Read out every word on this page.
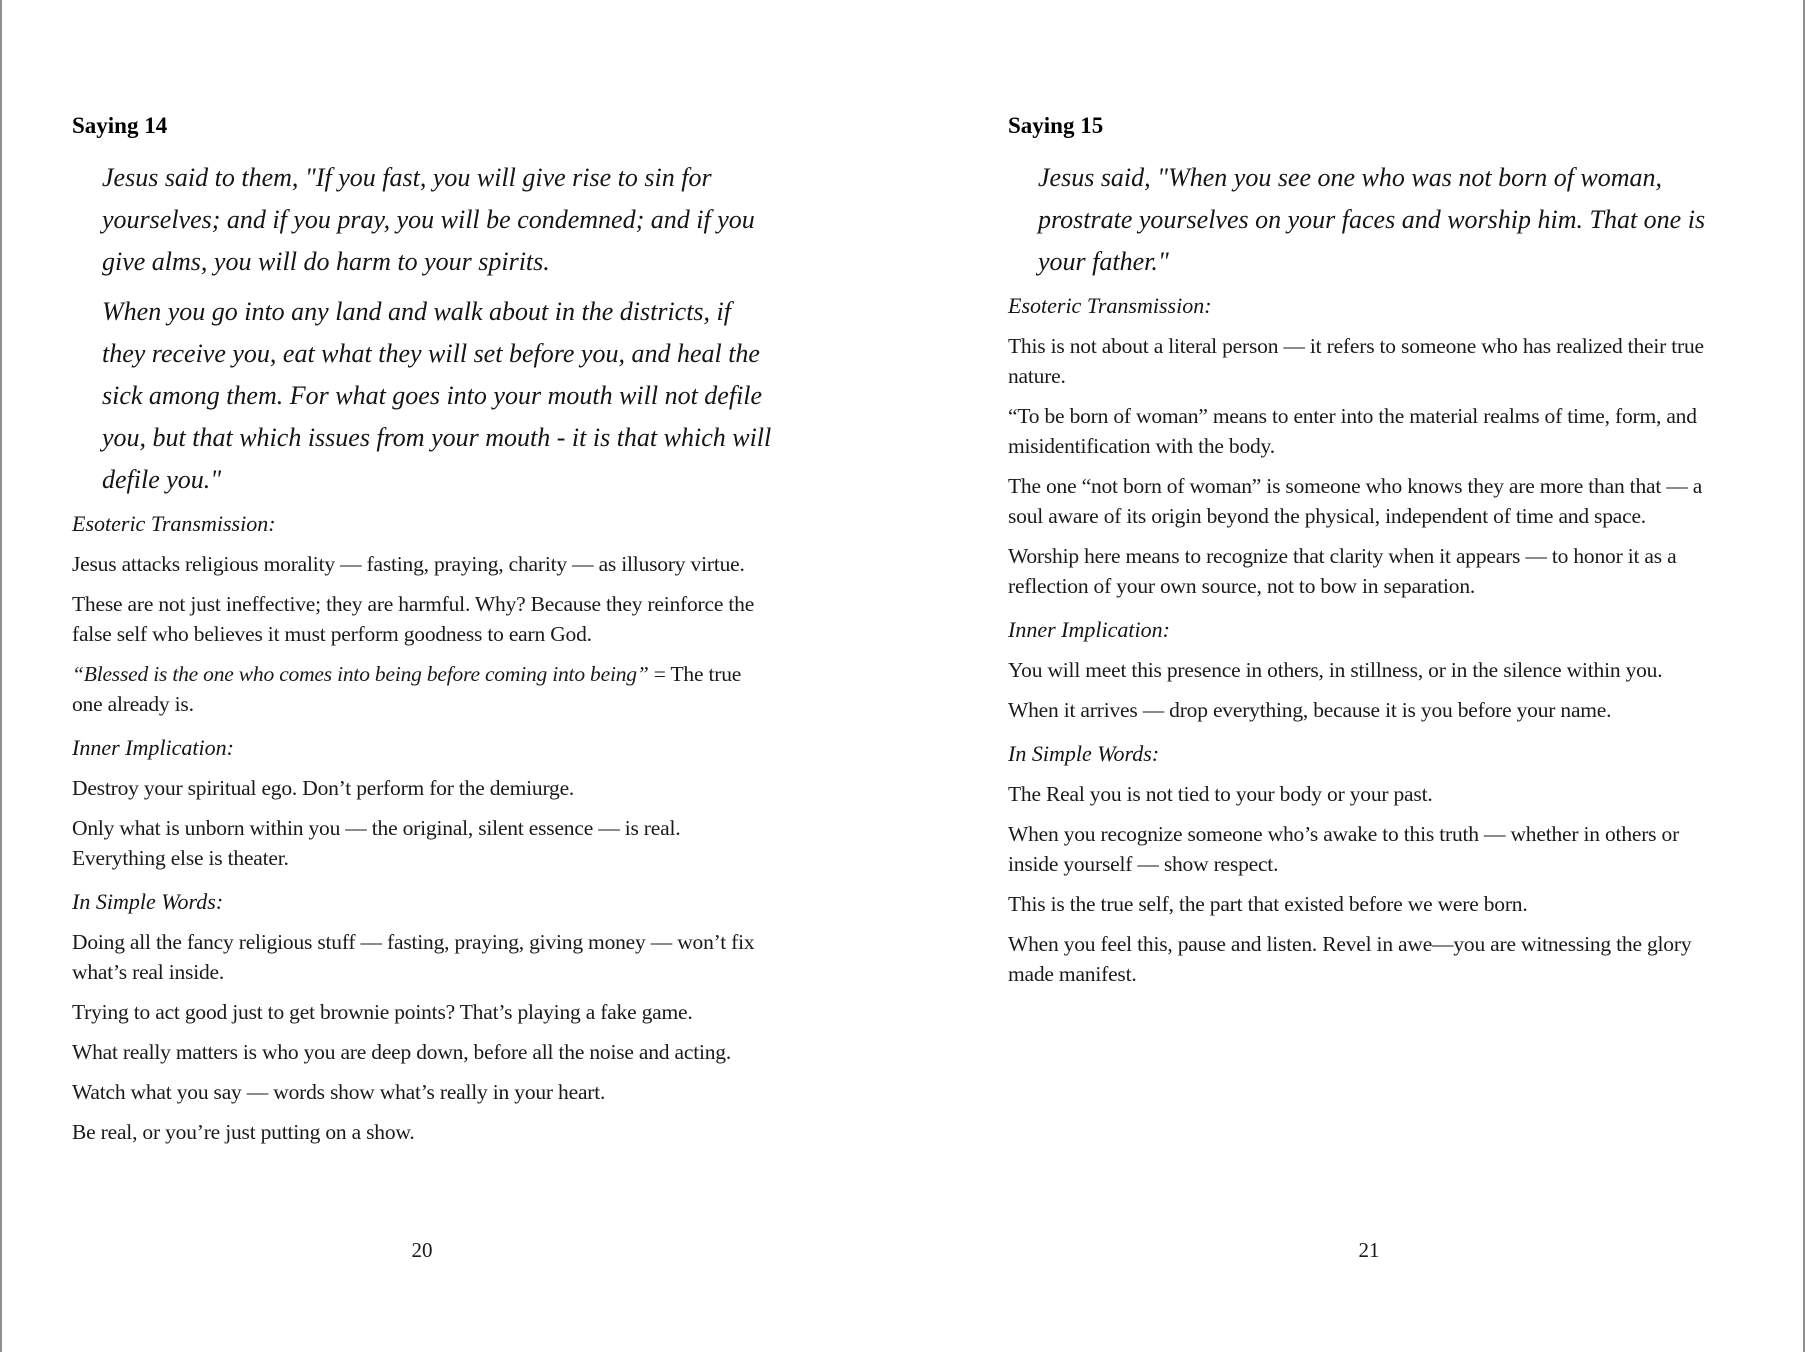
Saying 14

Jesus said to them, "If you fast, you will give rise to sin for yourselves; and if you pray, you will be condemned; and if you give alms, you will do harm to your spirits.

When you go into any land and walk about in the districts, if they receive you, eat what they will set before you, and heal the sick among them. For what goes into your mouth will not defile you, but that which issues from your mouth - it is that which will defile you."

Esoteric Transmission:

Jesus attacks religious morality — fasting, praying, charity — as illusory virtue.

These are not just ineffective; they are harmful. Why? Because they reinforce the false self who believes it must perform goodness to earn God.

“Blessed is the one who comes into being before coming into being” = The true one already is.

Inner Implication:

Destroy your spiritual ego. Don’t perform for the demiurge.

Only what is unborn within you — the original, silent essence — is real. Everything else is theater.

In Simple Words:

Doing all the fancy religious stuff — fasting, praying, giving money — won’t fix what’s real inside.

Trying to act good just to get brownie points? That’s playing a fake game.

What really matters is who you are deep down, before all the noise and acting.

Watch what you say — words show what’s really in your heart.

Be real, or you’re just putting on a show.

20
Saying 15

Jesus said, "When you see one who was not born of woman, prostrate yourselves on your faces and worship him. That one is your father."

Esoteric Transmission:

This is not about a literal person — it refers to someone who has realized their true nature.

“To be born of woman” means to enter into the material realms of time, form, and misidentification with the body.

The one “not born of woman” is someone who knows they are more than that — a soul aware of its origin beyond the physical, independent of time and space.

Worship here means to recognize that clarity when it appears — to honor it as a reflection of your own source, not to bow in separation.

Inner Implication:

You will meet this presence in others, in stillness, or in the silence within you.

When it arrives — drop everything, because it is you before your name.

In Simple Words:

The Real you is not tied to your body or your past.

When you recognize someone who’s awake to this truth — whether in others or inside yourself — show respect.

This is the true self, the part that existed before we were born.

When you feel this, pause and listen. Revel in awe—you are witnessing the glory made manifest.

21
